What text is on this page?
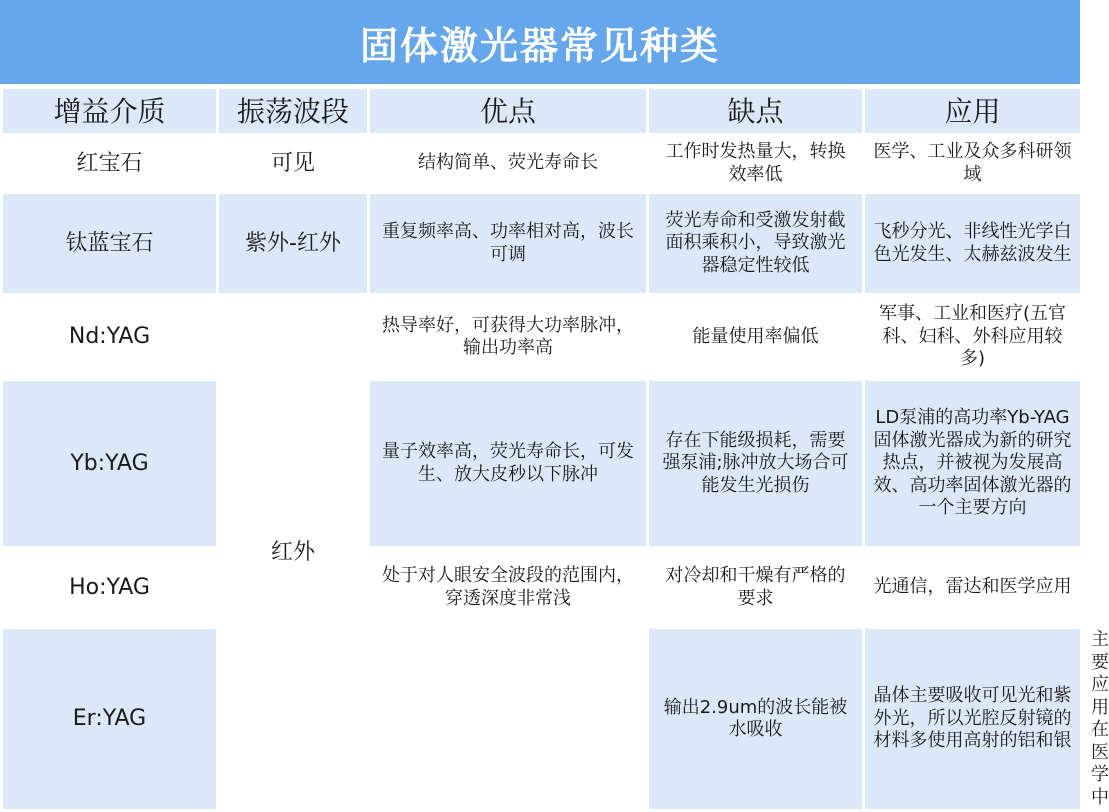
固体激光器常见种类
增益介质	振荡波段	优点	缺点	应用	
红宝石	可见	结构简单、荧光寿命长	工作时发热量大，转换效率低	医学、工业及众多科研领域	
钛蓝宝石	紫外-红外	重复频率高、功率相对高，波长可调	荧光寿命和受激发射截面积乘积小，导致激光器稳定性较低	飞秒分光、非线性光学白色光发生、太赫兹波发生	
Nd:YAG	红外	热导率好，可获得大功率脉冲，输出功率高	能量使用率偏低	军事、工业和医疗(五官科、妇科、外科应用较多)	
Yb:YAG		量子效率高，荧光寿命长，可发生、放大皮秒以下脉冲	存在下能级损耗，需要强泵浦;脉冲放大场合可能发生光损伤	LD泵浦的高功率Yb-YAG固体激光器成为新的研究热点，并被视为发展高效、高功率固体激光器的一个主要方向	
Ho:YAG		处于对人眼安全波段的范围内，穿透深度非常浅	对冷却和干燥有严格的要求	光通信，雷达和医学应用	
Er:YAG			输出2.9um的波长能被水吸收	晶体主要吸收可见光和紫外光，所以光腔反射镜的材料多使用高射的铝和银	主要应用在医学中
